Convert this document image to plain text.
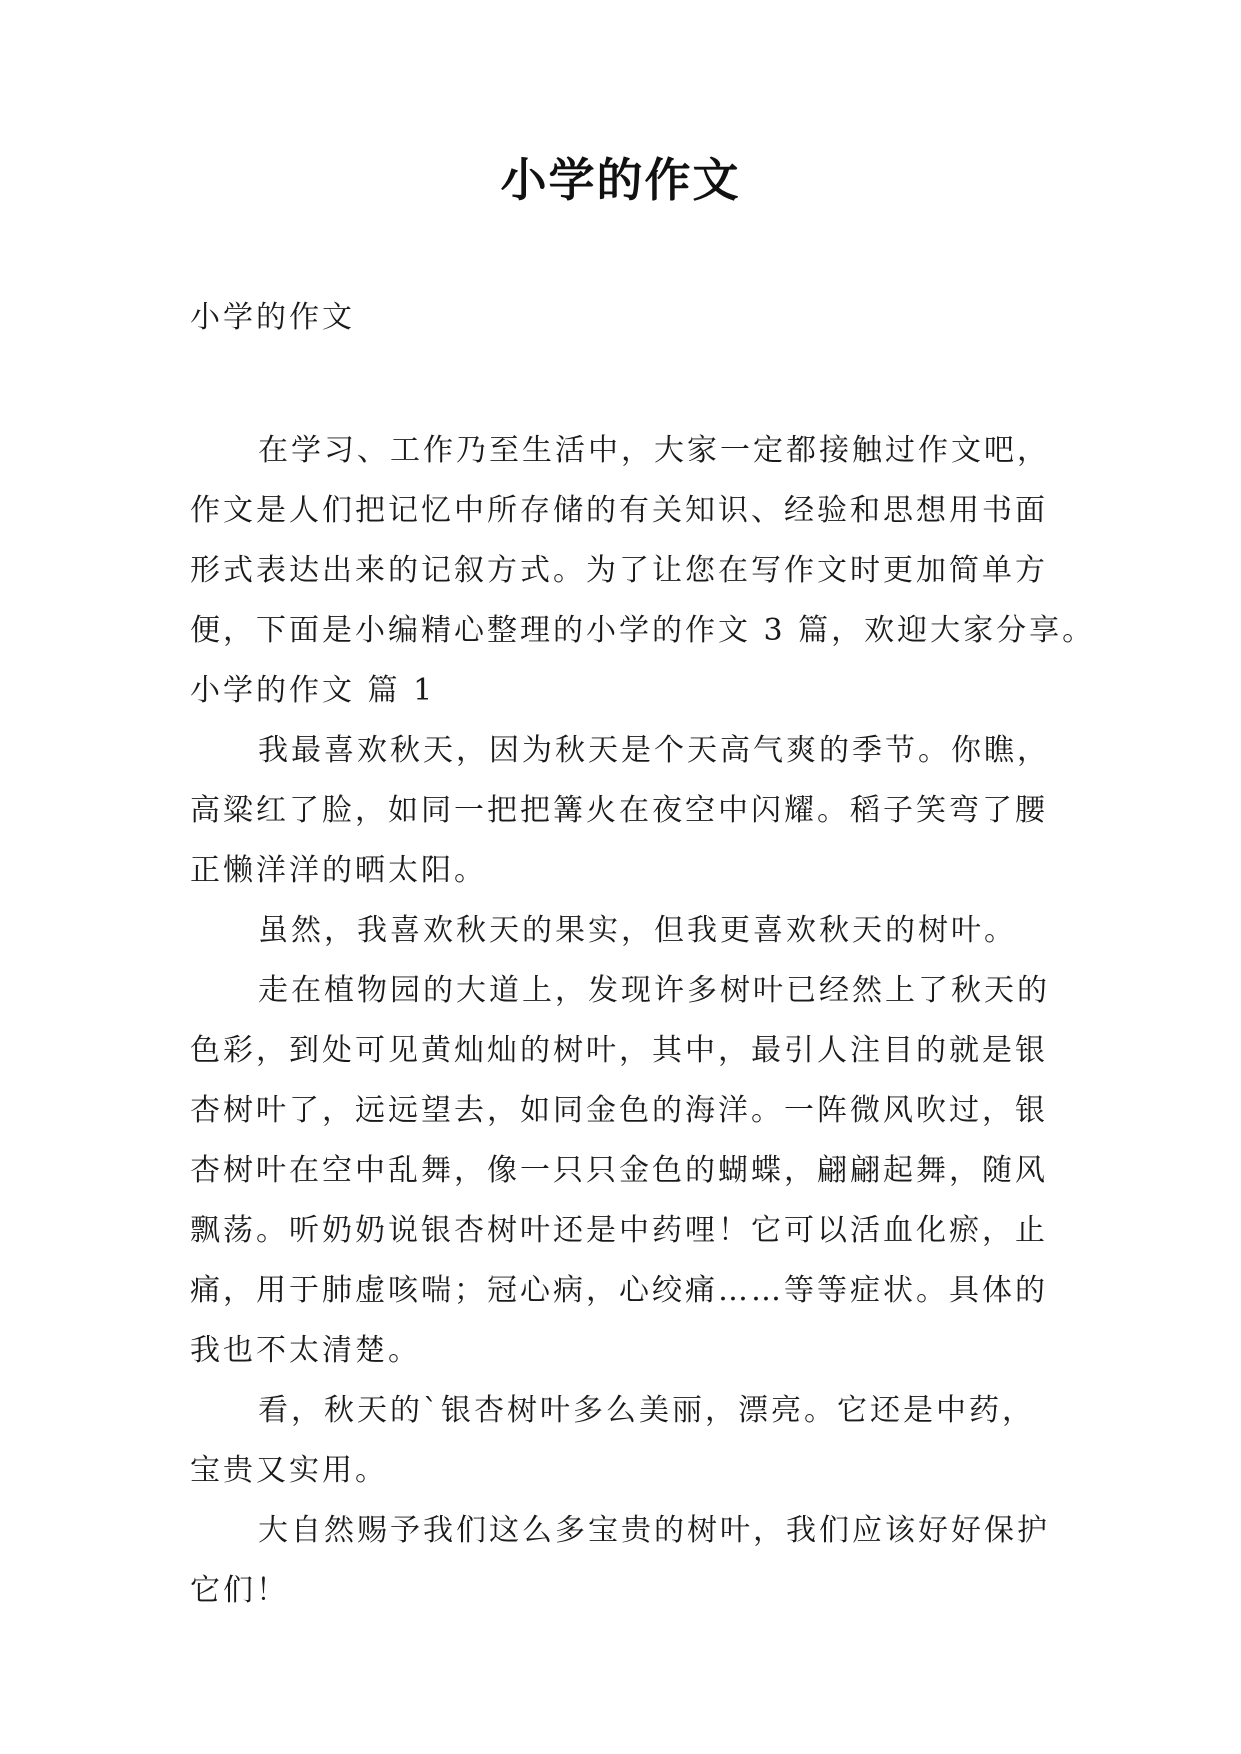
小学的作文
小学的作文
在学习、工作乃至生活中，大家一定都接触过作文吧，
作文是人们把记忆中所存储的有关知识、经验和思想用书面
形式表达出来的记叙方式。为了让您在写作文时更加简单方
便，下面是小编精心整理的小学的作文 3 篇，欢迎大家分享。
小学的作文 篇 1
我最喜欢秋天，因为秋天是个天高气爽的季节。你瞧，
高粱红了脸，如同一把把篝火在夜空中闪耀。稻子笑弯了腰
正懒洋洋的晒太阳。
虽然，我喜欢秋天的果实，但我更喜欢秋天的树叶。
走在植物园的大道上，发现许多树叶已经然上了秋天的
色彩，到处可见黄灿灿的树叶，其中，最引人注目的就是银
杏树叶了，远远望去，如同金色的海洋。一阵微风吹过，银
杏树叶在空中乱舞，像一只只金色的蝴蝶，翩翩起舞，随风
飘荡。听奶奶说银杏树叶还是中药哩！它可以活血化瘀，止
痛，用于肺虚咳喘；冠心病，心绞痛……等等症状。具体的
我也不太清楚。
看，秋天的`银杏树叶多么美丽，漂亮。它还是中药，
宝贵又实用。
大自然赐予我们这么多宝贵的树叶，我们应该好好保护
它们！
